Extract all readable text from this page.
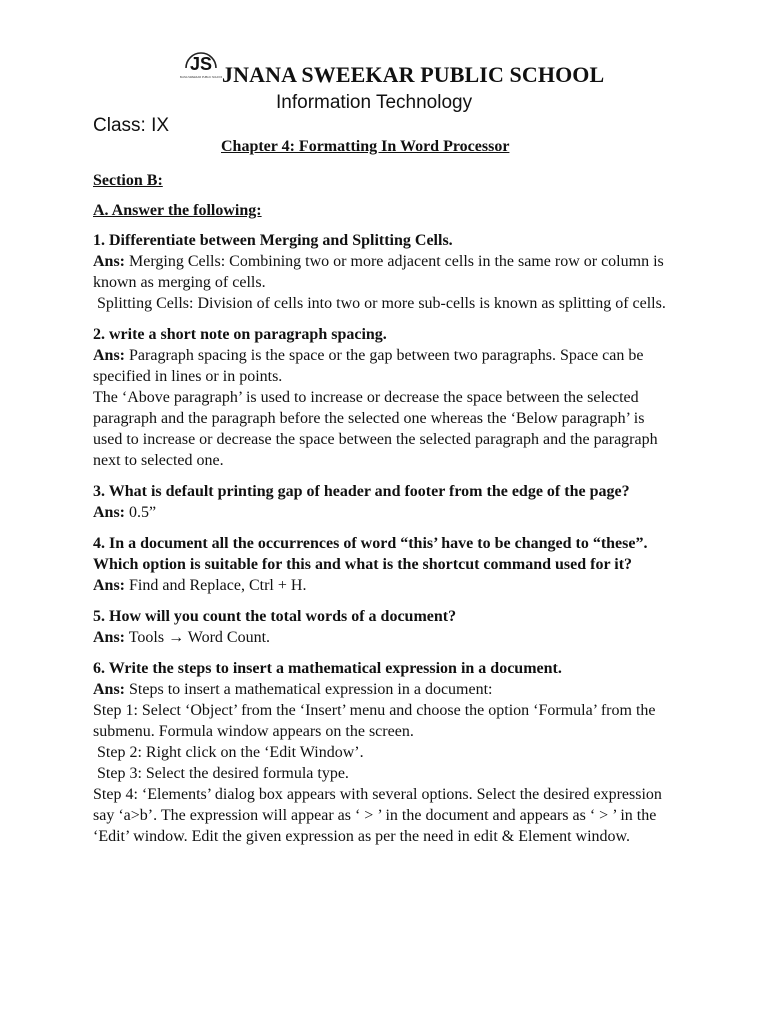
JS
JNANA SWEEKAR PUBLIC SCHOOL JNANA SWEEKAR PUBLIC SCHOOL
Information Technology
Class: IX
Chapter 4: Formatting In Word Processor
Section B:
A. Answer the following:
1. Differentiate between Merging and Splitting Cells.
Ans: Merging Cells: Combining two or more adjacent cells in the same row or column is known as merging of cells.
Splitting Cells: Division of cells into two or more sub-cells is known as splitting of cells.
2. write a short note on paragraph spacing.
Ans: Paragraph spacing is the space or the gap between two paragraphs. Space can be specified in lines or in points.
The ‘Above paragraph’ is used to increase or decrease the space between the selected paragraph and the paragraph before the selected one whereas the ‘Below paragraph’ is used to increase or decrease the space between the selected paragraph and the paragraph next to selected one.
3. What is default printing gap of header and footer from the edge of the page?
Ans: 0.5”
4. In a document all the occurrences of word “this’ have to be changed to “these”. Which option is suitable for this and what is the shortcut command used for it?
Ans: Find and Replace, Ctrl + H.
5. How will you count the total words of a document?
Ans: Tools → Word Count.
6. Write the steps to insert a mathematical expression in a document.
Ans: Steps to insert a mathematical expression in a document:
Step 1: Select ‘Object’ from the ‘Insert’ menu and choose the option ‘Formula’ from the submenu. Formula window appears on the screen.
Step 2: Right click on the ‘Edit Window’.
Step 3: Select the desired formula type.
Step 4: ‘Elements’ dialog box appears with several options. Select the desired expression say ‘a>b’. The expression will appear as ‘ > ’ in the document and appears as ‘ > ’ in the ‘Edit’ window. Edit the given expression as per the need in edit & Element window.
